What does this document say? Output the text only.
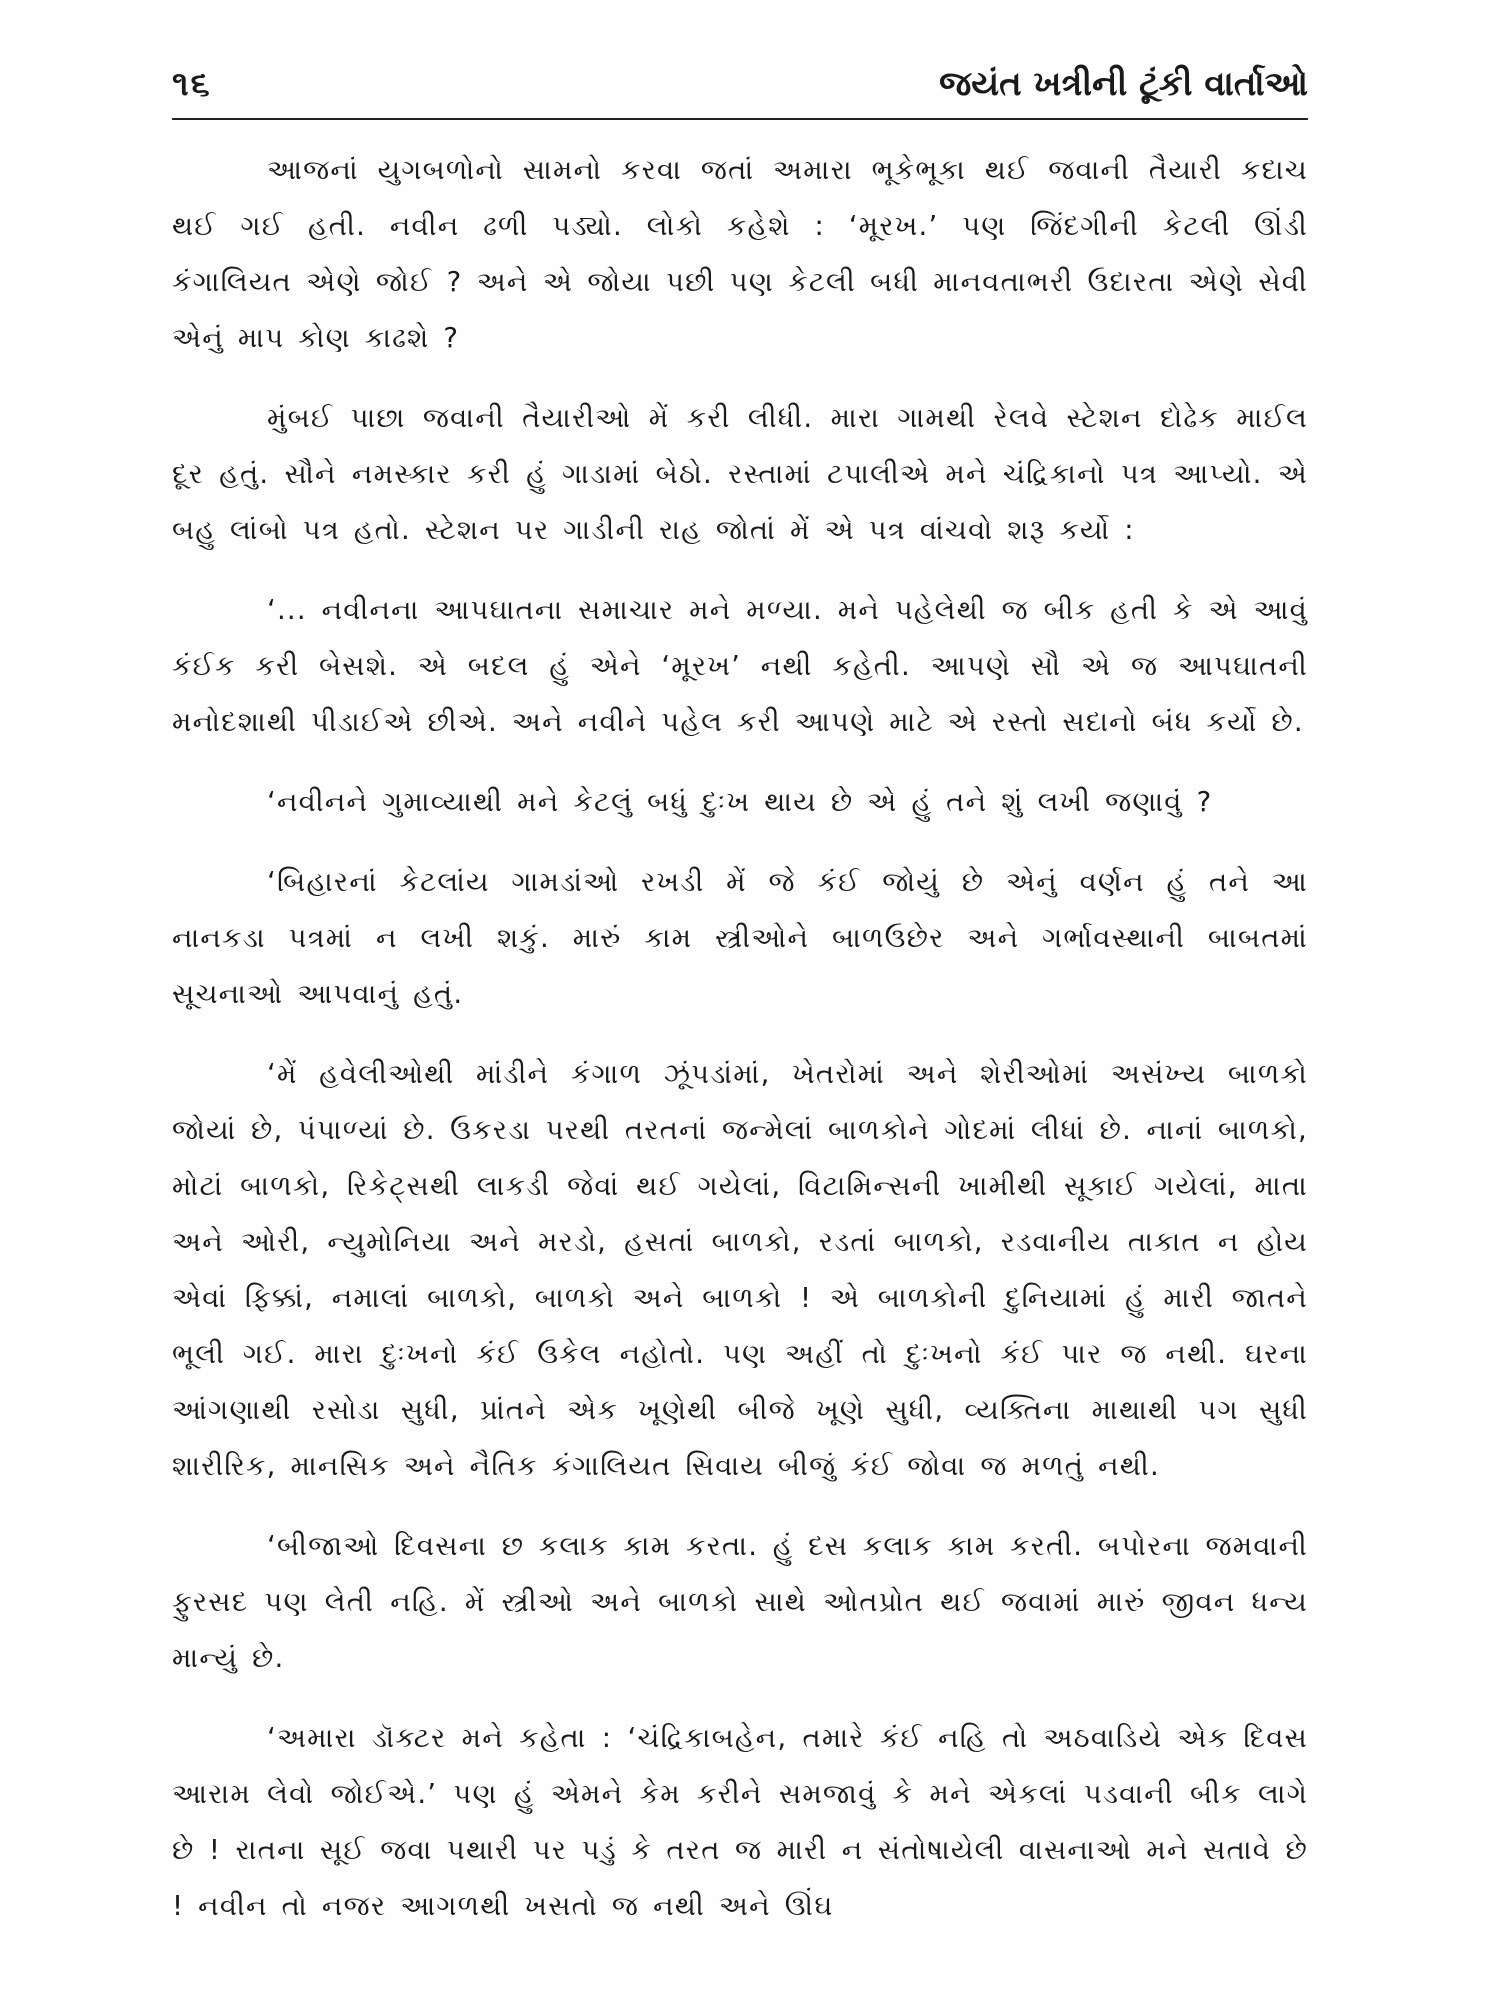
૧૬	જયંત ખત્રીની ટૂંકી વાર્તાઓ

આજનાં યુગબળોનો સામનો કરવા જતાં અમારા ભૂકેભૂકા થઈ જવાની તૈયારી કદાચ થઈ ગઈ હતી. નવીન ઢળી પડ્યો. લોકો કહેશે : ‘મૂરખ.’ પણ જિંદગીની કેટલી ઊંડી કંગાલિયત એણે જોઈ ? અને એ જોયા પછી પણ કેટલી બધી માનવતાભરી ઉદારતા એણે સેવી એનું માપ કોણ કાઢશે ?

મુંબઈ પાછા જવાની તૈયારીઓ મેં કરી લીધી. મારા ગામથી રેલવે સ્ટેશન દોઢેક માઈલ દૂર હતું. સૌને નમસ્કાર કરી હું ગાડામાં બેઠો. રસ્તામાં ટપાલીએ મને ચંદ્રિકાનો પત્ર આપ્યો. એ બહુ લાંબો પત્ર હતો. સ્ટેશન પર ગાડીની રાહ જોતાં મેં એ પત્ર વાંચવો શરૂ કર્યો :

‘... નવીનના આપઘાતના સમાચાર મને મળ્યા. મને પહેલેથી જ બીક હતી કે એ આવું કંઈક કરી બેસશે. એ બદલ હું એને ‘મૂરખ’ નથી કહેતી. આપણે સૌ એ જ આપઘાતની મનોદશાથી પીડાઈએ છીએ. અને નવીને પહેલ કરી આપણે માટે એ રસ્તો સદાનો બંધ કર્યો છે.

‘નવીનને ગુમાવ્યાથી મને કેટલું બધું દુઃખ થાય છે એ હું તને શું લખી જણાવું ?

‘બિહારનાં કેટલાંય ગામડાંઓ રખડી મેં જે કંઈ જોયું છે એનું વર્ણન હું તને આ નાનકડા પત્રમાં ન લખી શકું. મારું કામ સ્ત્રીઓને બાળઉછેર અને ગર્ભાવસ્થાની બાબતમાં સૂચનાઓ આપવાનું હતું.

‘મેં હવેલીઓથી માંડીને કંગાળ ઝૂંપડાંમાં, ખેતરોમાં અને શેરીઓમાં અસંખ્ય બાળકો જોયાં છે, પંપાળ્યાં છે. ઉકરડા પરથી તરતનાં જન્મેલાં બાળકોને ગોદમાં લીધાં છે. નાનાં બાળકો, મોટાં બાળકો, રિકેટ્સથી લાકડી જેવાં થઈ ગયેલાં, વિટામિન્સની ખામીથી સૂકાઈ ગયેલાં, માતા અને ઓરી, ન્યુમોનિયા અને મરડો, હસતાં બાળકો, રડતાં બાળકો, રડવાનીય તાકાત ન હોય એવાં ફિક્કાં, નમાલાં બાળકો, બાળકો અને બાળકો ! એ બાળકોની દુનિયામાં હું મારી જાતને ભૂલી ગઈ. મારા દુઃખનો કંઈ ઉકેલ નહોતો. પણ અહીં તો દુઃખનો કંઈ પાર જ નથી. ઘરના આંગણાથી રસોડા સુધી, પ્રાંતને એક ખૂણેથી બીજે ખૂણે સુધી, વ્યક્તિના માથાથી પગ સુધી શારીરિક, માનસિક અને નૈતિક કંગાલિયત સિવાય બીજું કંઈ જોવા જ મળતું નથી.

‘બીજાઓ દિવસના છ કલાક કામ કરતા. હું દસ કલાક કામ કરતી. બપોરના જમવાની ફુરસદ પણ લેતી નહિ. મેં સ્ત્રીઓ અને બાળકો સાથે ઓતપ્રોત થઈ જવામાં મારું જીવન ધન્ય માન્યું છે.

‘અમારા ડૉક્ટર મને કહેતા : ‘ચંદ્રિકાબહેન, તમારે કંઈ નહિ તો અઠવાડિયે એક દિવસ આરામ લેવો જોઈએ.’ પણ હું એમને કેમ કરીને સમજાવું કે મને એકલાં પડવાની બીક લાગે છે ! રાતના સૂઈ જવા પથારી પર પડું કે તરત જ મારી ન સંતોષાયેલી વાસનાઓ મને સતાવે છે ! નવીન તો નજર આગળથી ખસતો જ નથી અને ઊંઘ
